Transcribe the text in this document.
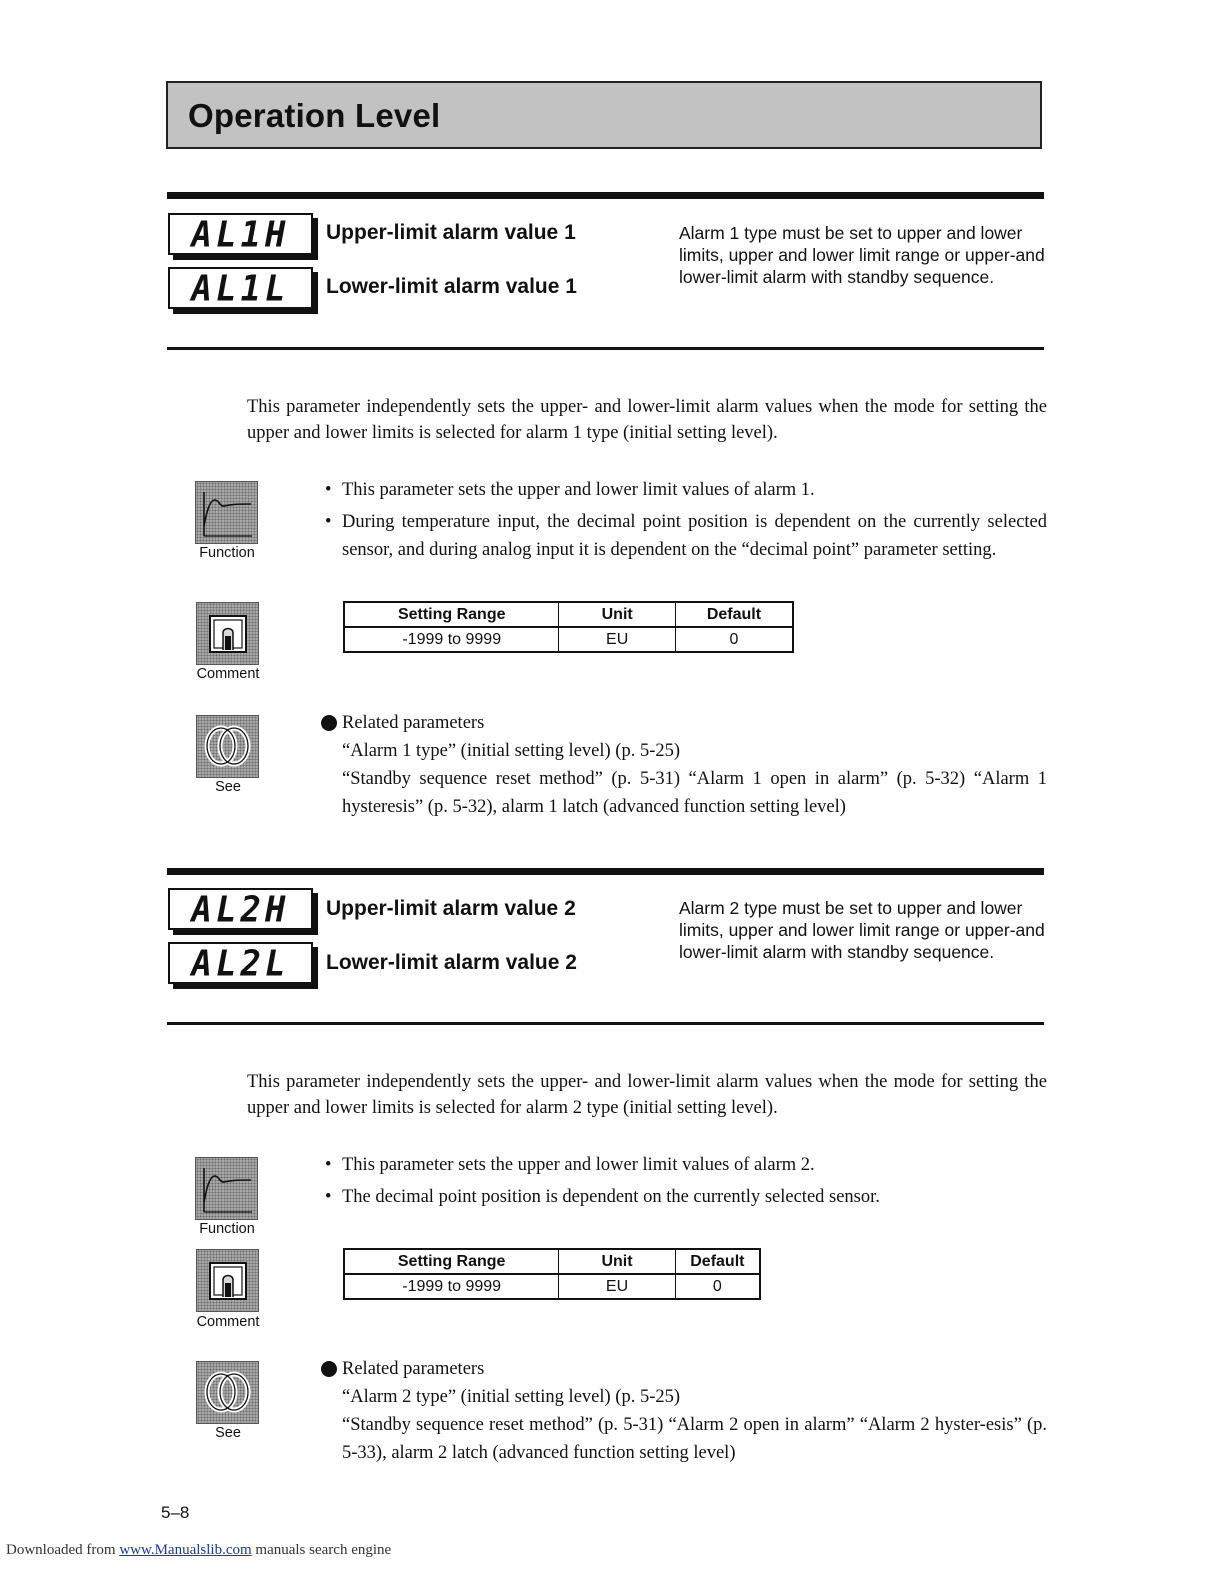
Operation Level
AL1H	Upper-limit alarm value 1
AL1L	Lower-limit alarm value 1
Alarm 1 type must be set to upper and lower limits, upper and lower limit range or upper-and lower-limit alarm with standby sequence.
This parameter independently sets the upper- and lower-limit alarm values when the mode for setting the upper and lower limits is selected for alarm 1 type (initial setting level).
Function
• This parameter sets the upper and lower limit values of alarm 1.
• During temperature input, the decimal point position is dependent on the currently selected sensor, and during analog input it is dependent on the “decimal point” parameter setting.
Comment
Setting Range	Unit	Default
-1999 to 9999	EU	0
See
Related parameters
“Alarm 1 type” (initial setting level) (p. 5-25)
“Standby sequence reset method” (p. 5-31) “Alarm 1 open in alarm” (p. 5-32) “Alarm 1 hysteresis” (p. 5-32), alarm 1 latch (advanced function setting level)
AL2H	Upper-limit alarm value 2
AL2L	Lower-limit alarm value 2
Alarm 2 type must be set to upper and lower limits, upper and lower limit range or upper-and lower-limit alarm with standby sequence.
This parameter independently sets the upper- and lower-limit alarm values when the mode for setting the upper and lower limits is selected for alarm 2 type (initial setting level).
Function
• This parameter sets the upper and lower limit values of alarm 2.
• The decimal point position is dependent on the currently selected sensor.
Comment
Setting Range	Unit	Default
-1999 to 9999	EU	0
See
Related parameters
“Alarm 2 type” (initial setting level) (p. 5-25)
“Standby sequence reset method” (p. 5-31) “Alarm 2 open in alarm” “Alarm 2 hyster-esis” (p. 5-33), alarm 2 latch (advanced function setting level)
5–8
Downloaded from www.Manualslib.com manuals search engine
